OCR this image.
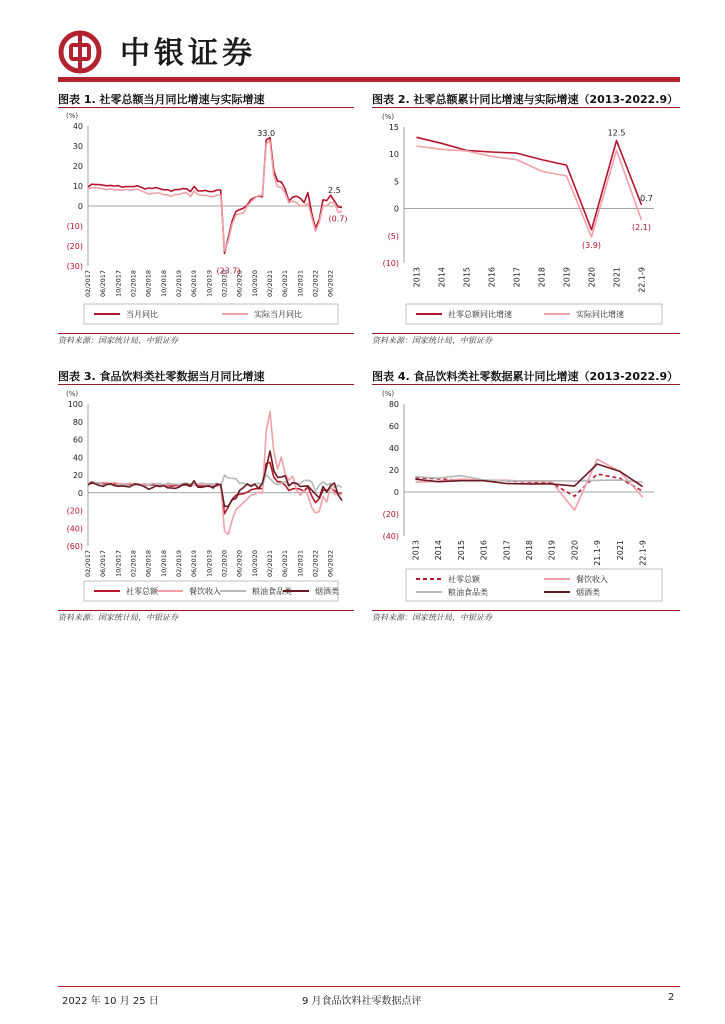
中银证券
图表 1. 社零总额当月同比增速与实际增速
(%)
40
30
20
10
0
(10)
(20)
(30)
02/2017 06/2017 10/2017 02/2018 06/2018 10/2018 02/2019 06/2019 10/2019 02/2020 06/2020 10/2020 02/2021 06/2021 10/2021 02/2022 06/2022
33.0
(23.7)
2.5
(0.7)
当月同比	实际当月同比
资料来源：国家统计局，中银证券
图表 2. 社零总额累计同比增速与实际增速（2013-2022.9）
(%)
15
10
5
0
(5)
(10)
2013 2014 2015 2016 2017 2018 2019 2020 2021 22.1-9
12.5
0.7
(3.9)
(2.1)
社零总额同比增速	实际同比增速
资料来源：国家统计局，中银证券
图表 3. 食品饮料类社零数据当月同比增速
(%)
100
80
60
40
20
0
(20)
(40)
(60)
02/2017 06/2017 10/2017 02/2018 06/2018 10/2018 02/2019 06/2019 10/2019 02/2020 06/2020 10/2020 02/2021 06/2021 10/2021 02/2022 06/2022
社零总额	餐饮收入	粮油食品类	烟酒类
资料来源：国家统计局，中银证券
图表 4. 食品饮料类社零数据累计同比增速（2013-2022.9）
(%)
80
60
40
20
0
(20)
(40)
2013 2014 2015 2016 2017 2018 2019 2020 21.1-9 2021 22.1-9
社零总额	餐饮收入
粮油食品类	烟酒类
资料来源：国家统计局，中银证券
2022 年 10 月 25 日	9 月食品饮料社零数据点评	2
